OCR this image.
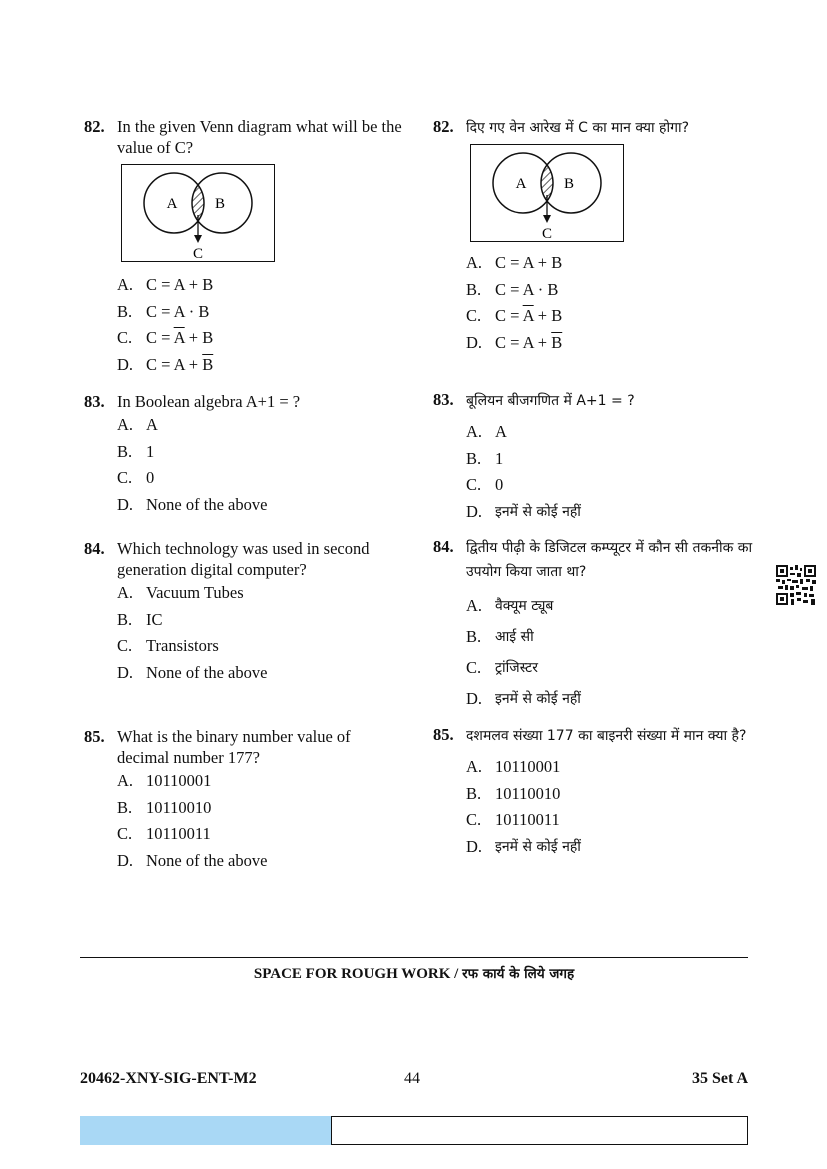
82. In the given Venn diagram what will be the value of C?
A	B
C
A. C = A + B
B. C = A · B
C. $C = \overline{A} + B$
D. $C = A + \overline{B}$
83. In Boolean algebra A+1 = ?
A. A
B. 1
C. 0
D. None of the above
84. Which technology was used in second generation digital computer?
A. Vacuum Tubes
B. IC
C. Transistors
D. None of the above
85. What is the binary number value of decimal number 177?
A. 10110001
B. 10110010
C. 10110011
D. None of the above
82. दिए गए वेन आरेख में C का मान क्या होगा?
A	B
C
A. C = A + B
B. C = A · B
C. $C = \overline{A} + B$
D. $C = A + \overline{B}$
83. बूलियन बीजगणित में A+1 = ?
A. A
B. 1
C. 0
D. इनमें से कोई नहीं
84. द्वितीय पीढ़ी के डिजिटल कम्प्यूटर में कौन सी तकनीक का उपयोग किया जाता था?
A. वैक्यूम ट्यूब
B. आई सी
C. ट्रांजिस्टर
D. इनमें से कोई नहीं
85. दशमलव संख्या 177 का बाइनरी संख्या में मान क्या है?
A. 10110001
B. 10110010
C. 10110011
D. इनमें से कोई नहीं
SPACE FOR ROUGH WORK / रफ कार्य के लिये जगह
20462-XNY-SIG-ENT-M2	44	35 Set A
